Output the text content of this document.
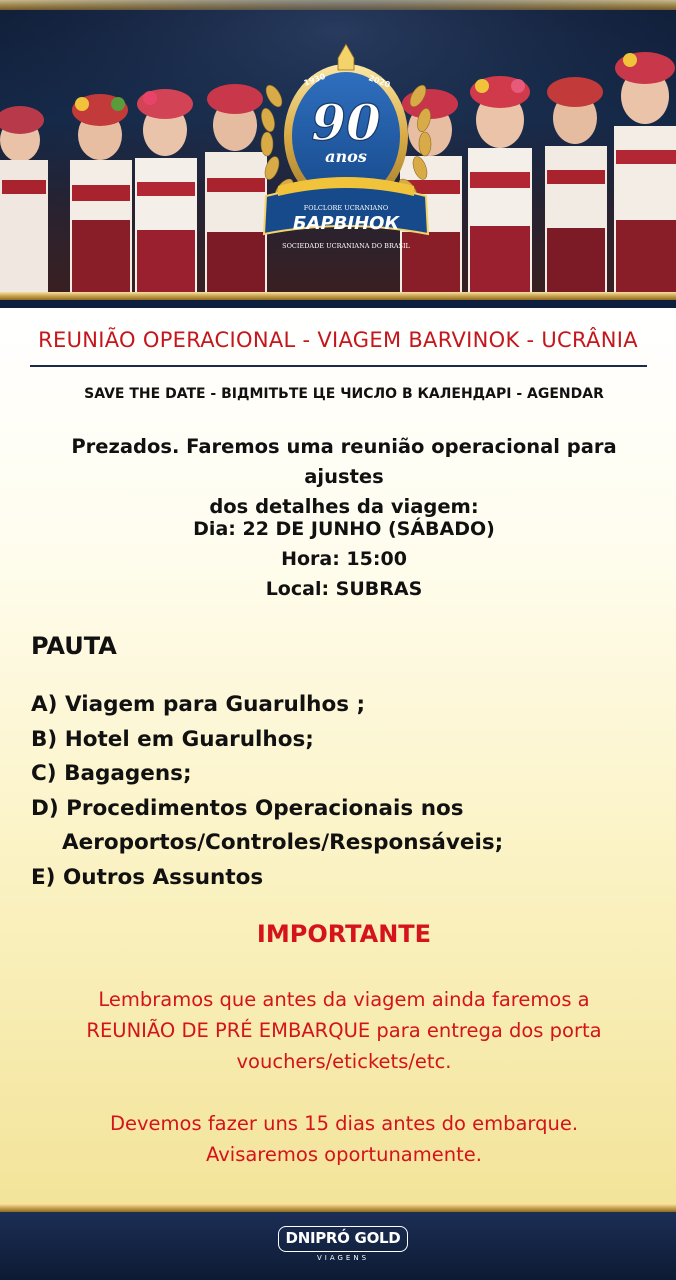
1930	2020
90
anos
FOLCLORE UCRANIANO
БАРВІНОК
SOCIEDADE UCRANIANA DO BRASIL
REUNIÃO OPERACIONAL - VIAGEM BARVINOK - UCRÂNIA
SAVE THE DATE - ВІДМІТЬТЕ ЦЕ ЧИСЛО В КАЛЕНДАРІ - AGENDAR
Prezados. Faremos uma reunião operacional para ajustes
dos detalhes da viagem:
Dia: 22 DE JUNHO (SÁBADO)
Hora: 15:00
Local: SUBRAS
PAUTA
A) Viagem para Guarulhos ;
B) Hotel em Guarulhos;
C) Bagagens;
D) Procedimentos Operacionais nos
Aeroportos/Controles/Responsáveis;
E) Outros Assuntos
IMPORTANTE
Lembramos que antes da viagem ainda faremos a
REUNIÃO DE PRÉ EMBARQUE para entrega dos porta
vouchers/etickets/etc.
Devemos fazer uns 15 dias antes do embarque.
Avisaremos oportunamente.
DNIPRÓ GOLD
VIAGENS
